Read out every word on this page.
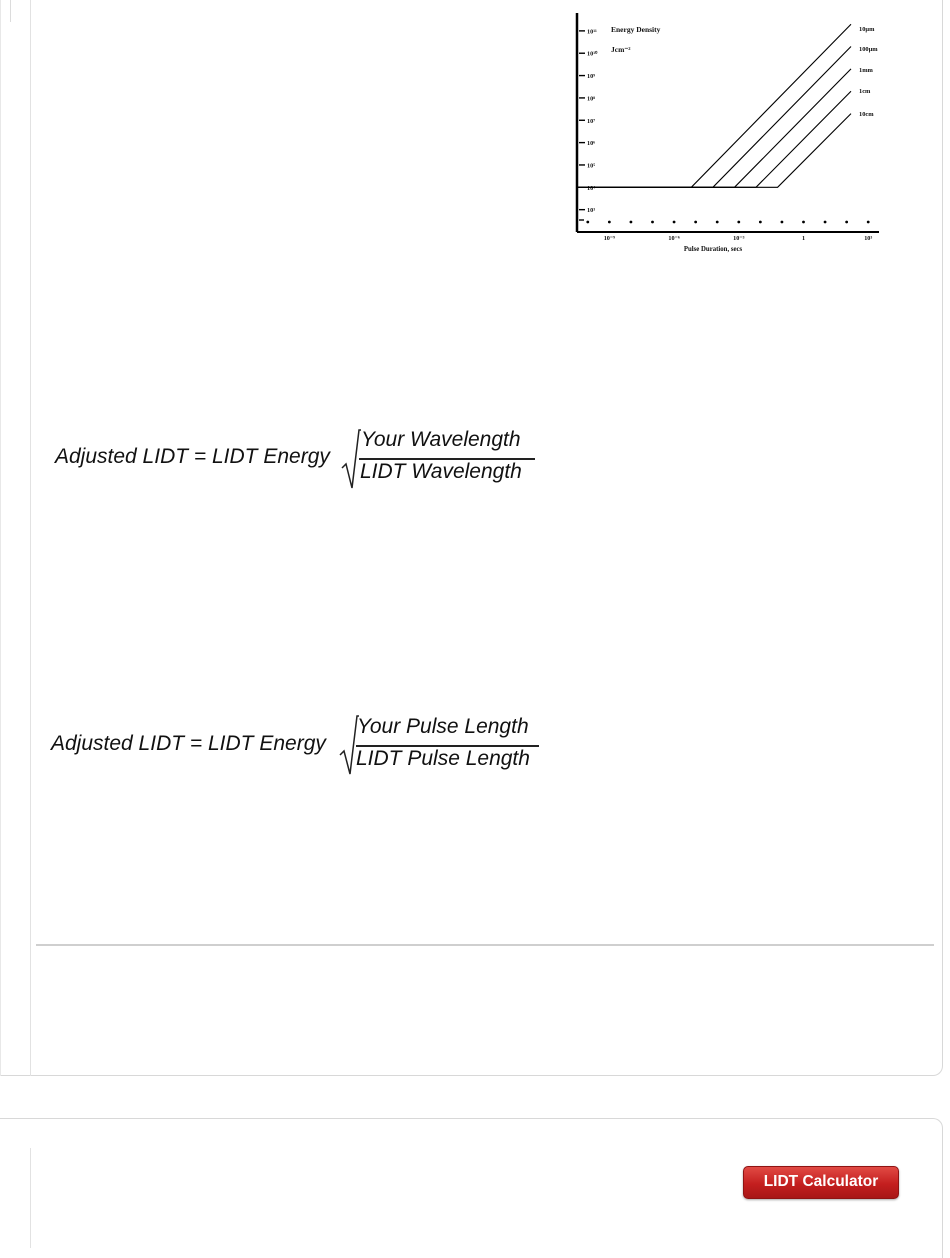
10¹¹
10¹⁰
10⁹
10⁸
10⁷
10⁶
10⁵
10⁴
10³
10⁻⁹	10⁻⁶	10⁻³	1	10³
10µm
100µm
1mm
1cm
10cm
Energy Density
Jcm⁻²
Pulse Duration, secs
Adjusted LIDT = LIDT Energy
Your Wavelength
LIDT Wavelength
Adjusted LIDT = LIDT Energy
Your Pulse Length
LIDT Pulse Length
LIDT Calculator
